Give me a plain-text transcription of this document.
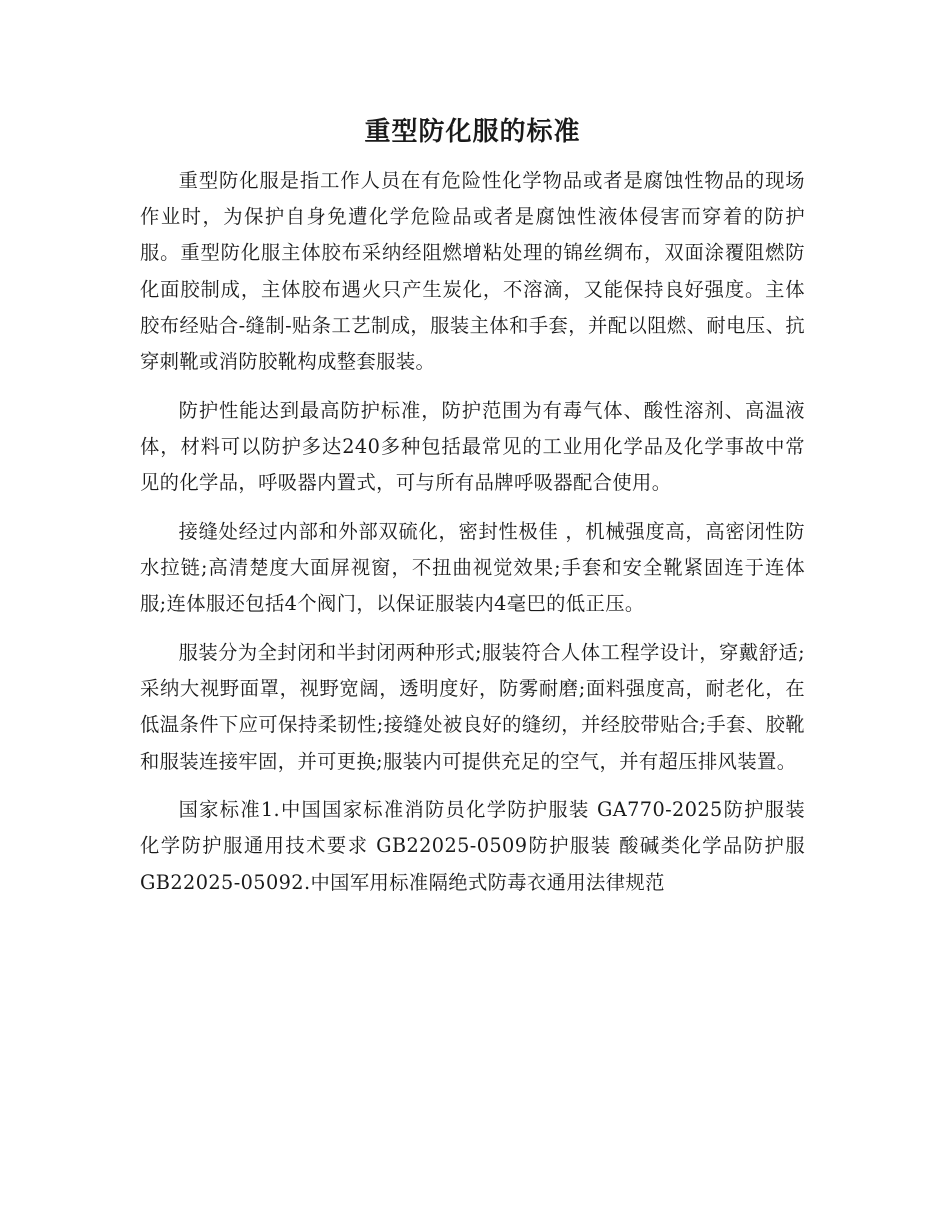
重型防化服的标准

重型防化服是指工作人员在有危险性化学物品或者是腐蚀性物品的现场作业时，为保护自身免遭化学危险品或者是腐蚀性液体侵害而穿着的防护服。重型防化服主体胶布采纳经阻燃增粘处理的锦丝绸布，双面涂覆阻燃防化面胶制成，主体胶布遇火只产生炭化，不溶滴，又能保持良好强度。主体胶布经贴合-缝制-贴条工艺制成，服装主体和手套，并配以阻燃、耐电压、抗穿刺靴或消防胶靴构成整套服装。

防护性能达到最高防护标准，防护范围为有毒气体、酸性溶剂、高温液体，材料可以防护多达240多种包括最常见的工业用化学品及化学事故中常见的化学品，呼吸器内置式，可与所有品牌呼吸器配合使用。

接缝处经过内部和外部双硫化，密封性极佳 ，机械强度高，高密闭性防水拉链;高清楚度大面屏视窗，不扭曲视觉效果;手套和安全靴紧固连于连体服;连体服还包括4个阀门，以保证服装内4毫巴的低正压。

服装分为全封闭和半封闭两种形式;服装符合人体工程学设计，穿戴舒适;采纳大视野面罩，视野宽阔，透明度好，防雾耐磨;面料强度高，耐老化，在低温条件下应可保持柔韧性;接缝处被良好的缝纫，并经胶带贴合;手套、胶靴和服装连接牢固，并可更换;服装内可提供充足的空气，并有超压排风装置。

国家标准1.中国国家标准消防员化学防护服装 GA770-2025防护服装 化学防护服通用技术要求 GB22025-0509防护服装 酸碱类化学品防护服 GB22025-05092.中国军用标准隔绝式防毒衣通用法律规范
